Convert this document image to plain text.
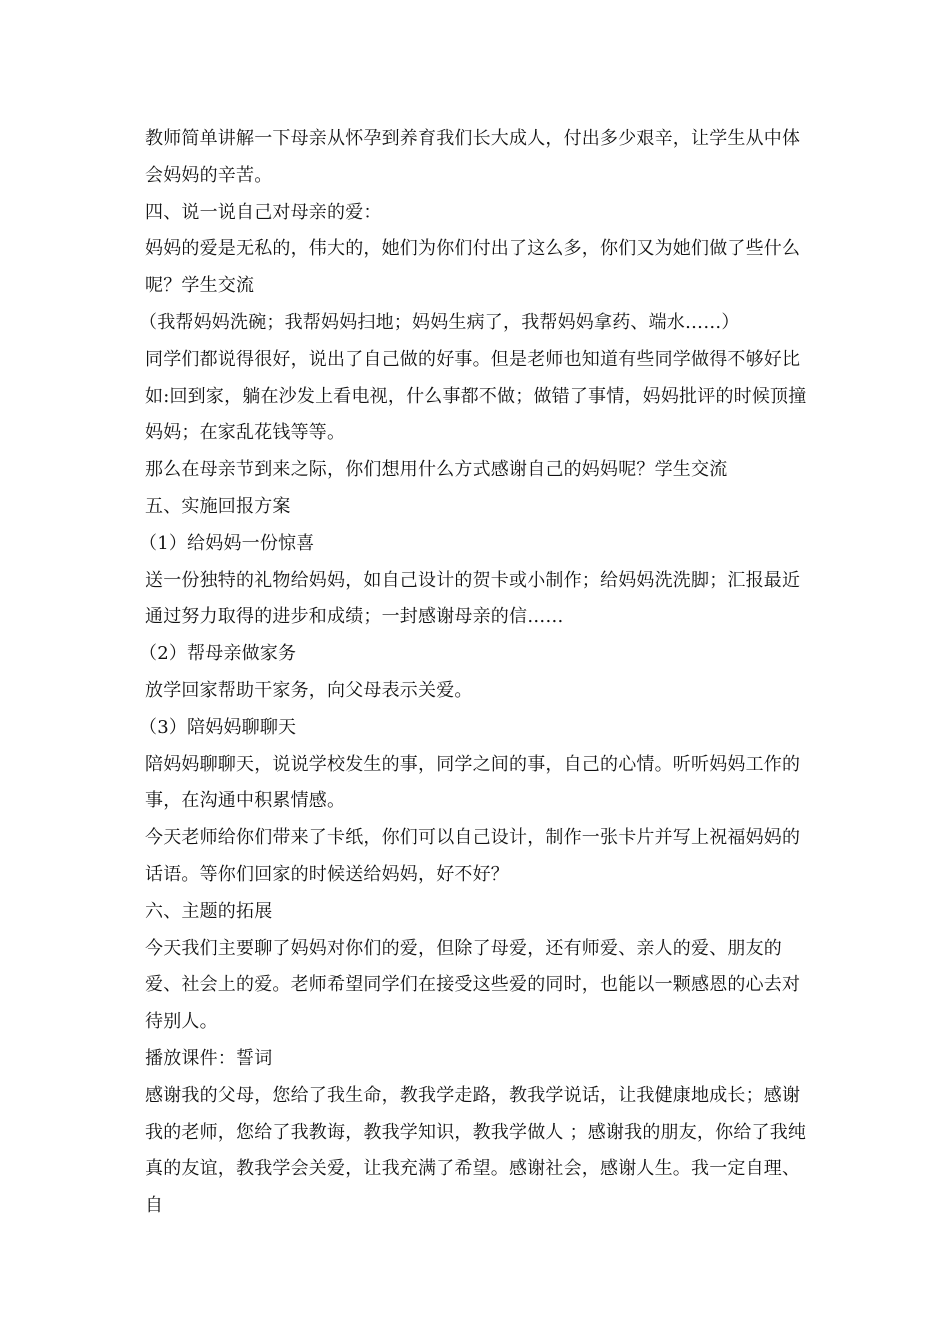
教师简单讲解一下母亲从怀孕到养育我们长大成人，付出多少艰辛，让学生从中体会妈妈的辛苦。

四、说一说自己对母亲的爱：

妈妈的爱是无私的，伟大的，她们为你们付出了这么多，你们又为她们做了些什么呢？学生交流

（我帮妈妈洗碗；我帮妈妈扫地；妈妈生病了，我帮妈妈拿药、端水……）

同学们都说得很好，说出了自己做的好事。但是老师也知道有些同学做得不够好比如:回到家，躺在沙发上看电视，什么事都不做；做错了事情，妈妈批评的时候顶撞妈妈；在家乱花钱等等。

那么在母亲节到来之际，你们想用什么方式感谢自己的妈妈呢？学生交流

五、实施回报方案

（1）给妈妈一份惊喜

送一份独特的礼物给妈妈，如自己设计的贺卡或小制作；给妈妈洗洗脚；汇报最近通过努力取得的进步和成绩；一封感谢母亲的信……

（2）帮母亲做家务

放学回家帮助干家务，向父母表示关爱。

（3）陪妈妈聊聊天

陪妈妈聊聊天，说说学校发生的事，同学之间的事，自己的心情。听听妈妈工作的事，在沟通中积累情感。

今天老师给你们带来了卡纸，你们可以自己设计，制作一张卡片并写上祝福妈妈的话语。等你们回家的时候送给妈妈，好不好？

六、主题的拓展

今天我们主要聊了妈妈对你们的爱，但除了母爱，还有师爱、亲人的爱、朋友的爱、社会上的爱。老师希望同学们在接受这些爱的同时，也能以一颗感恩的心去对待别人。

播放课件：誓词

感谢我的父母，您给了我生命，教我学走路，教我学说话，让我健康地成长；感谢我的老师，您给了我教诲，教我学知识，教我学做人 ；感谢我的朋友，你给了我纯真的友谊，教我学会关爱，让我充满了希望。感谢社会，感谢人生。我一定自理、自
